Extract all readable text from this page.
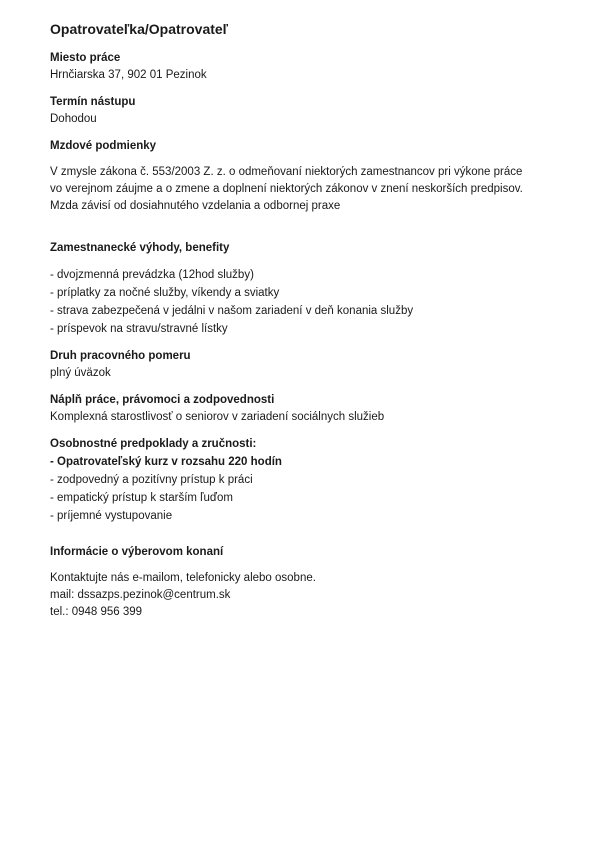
Opatrovateľka/Opatrovateľ

Miesto práce

Hrnčiarska 37, 902 01 Pezinok

Termín nástupu

Dohodou

Mzdové podmienky

V zmysle zákona č. 553/2003 Z. z. o odmeňovaní niektorých zamestnancov pri výkone práce

vo verejnom záujme a o zmene a doplnení niektorých zákonov v znení neskorších predpisov.

Mzda závisí od dosiahnutého vzdelania a odbornej praxe

Zamestnanecké výhody, benefity

- dvojzmenná prevádzka (12hod služby)
- príplatky za nočné služby, víkendy a sviatky
- strava zabezpečená v jedálni v našom zariadení v deň konania služby
- príspevok na stravu/stravné lístky

Druh pracovného pomeru

plný úväzok

Náplň práce, právomoci a zodpovednosti

Komplexná starostlivosť o seniorov v zariadení sociálnych služieb

Osobnostné predpoklady a zručnosti:

- Opatrovateľský kurz v rozsahu 220 hodín
- zodpovedný a pozitívny prístup k práci
- empatický prístup k starším ľuďom
- príjemné vystupovanie

Informácie o výberovom konaní

Kontaktujte nás e-mailom, telefonicky alebo osobne.

mail: dssazps.pezinok@centrum.sk

tel.: 0948 956 399
